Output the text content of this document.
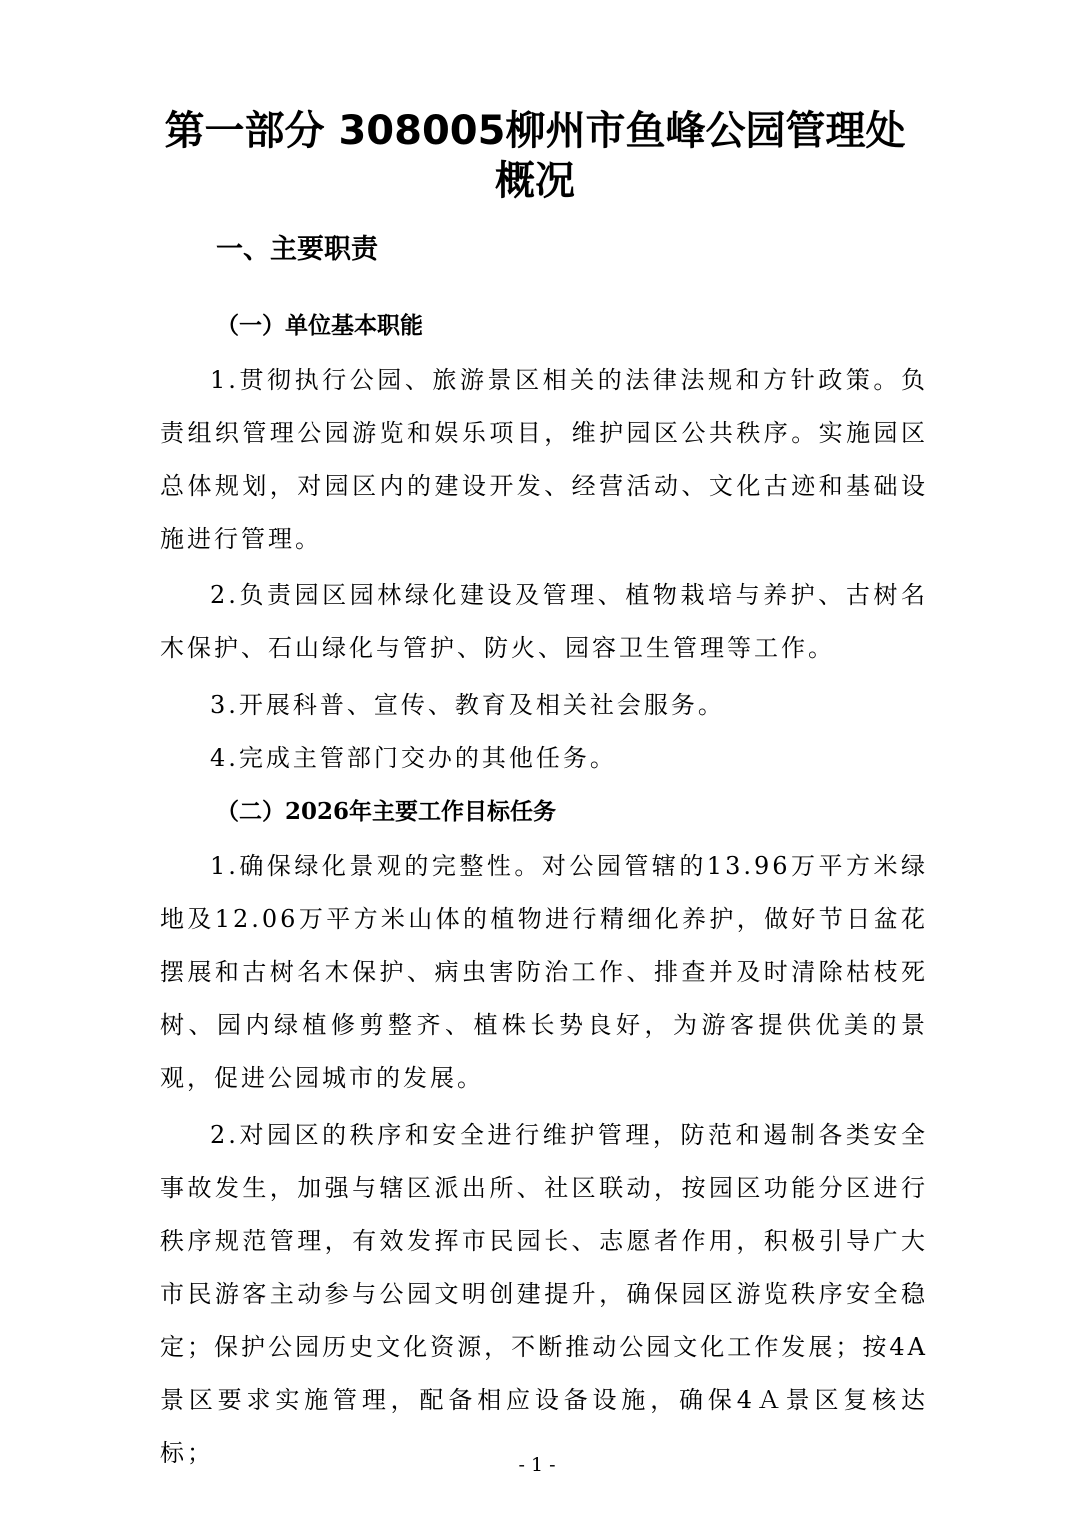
第一部分 308005柳州市鱼峰公园管理处概况
一、主要职责
（一）单位基本职能

1.贯彻执行公园、旅游景区相关的法律法规和方针政策。负责组织管理公园游览和娱乐项目，维护园区公共秩序。实施园区总体规划，对园区内的建设开发、经营活动、文化古迹和基础设施进行管理。

2.负责园区园林绿化建设及管理、植物栽培与养护、古树名木保护、石山绿化与管护、防火、园容卫生管理等工作。

3.开展科普、宣传、教育及相关社会服务。

4.完成主管部门交办的其他任务。

（二）2026年主要工作目标任务

1.确保绿化景观的完整性。对公园管辖的13.96万平方米绿地及12.06万平方米山体的植物进行精细化养护，做好节日盆花摆展和古树名木保护、病虫害防治工作、排查并及时清除枯枝死树、园内绿植修剪整齐、植株长势良好，为游客提供优美的景观，促进公园城市的发展。

2.对园区的秩序和安全进行维护管理，防范和遏制各类安全事故发生，加强与辖区派出所、社区联动，按园区功能分区进行秩序规范管理，有效发挥市民园长、志愿者作用，积极引导广大市民游客主动参与公园文明创建提升，确保园区游览秩序安全稳定；保护公园历史文化资源，不断推动公园文化工作发展；按4A景区要求实施管理，配备相应设备设施，确保4Ａ景区复核达标；	- 1 -
